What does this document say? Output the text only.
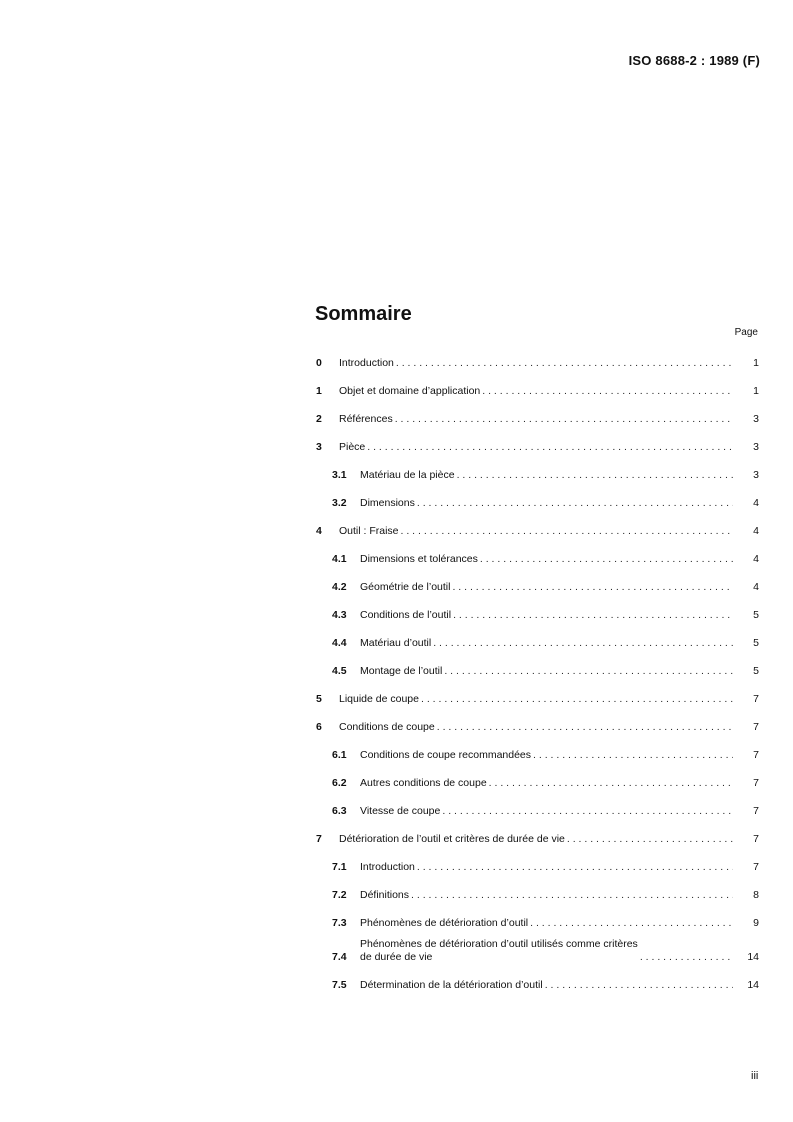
ISO 8688-2 : 1989 (F)
Sommaire
Page
0	Introduction . . .	1
1	Objet et domaine d’application . . .	1
2	Références . . .	3
3	Pièce . . .	3
3.1	Matériau de la pièce . . .	3
3.2	Dimensions . . .	4
4	Outil : Fraise . . .	4
4.1	Dimensions et tolérances . . .	4
4.2	Géométrie de l’outil . . .	4
4.3	Conditions de l’outil . . .	5
4.4	Matériau d’outil . . .	5
4.5	Montage de l’outil . . .	5
5	Liquide de coupe . . .	7
6	Conditions de coupe . . .	7
6.1	Conditions de coupe recommandées . . .	7
6.2	Autres conditions de coupe . . .	7
6.3	Vitesse de coupe . . .	7
7	Détérioration de l’outil et critères de durée de vie . . .	7
7.1	Introduction . . .	7
7.2	Définitions . . .	8
7.3	Phénomènes de détérioration d’outil . . .	9
7.4
Phénomènes de détérioration d’outil utilisés comme critères
de durée de vie . . .	14
7.5	Détermination de la détérioration d’outil . . .	14
iii
